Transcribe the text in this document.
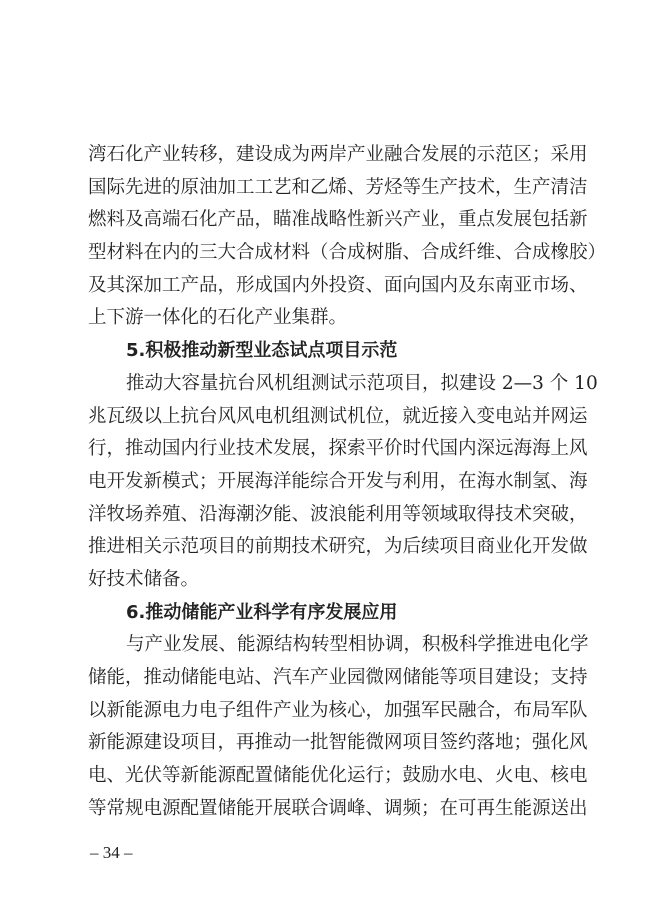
湾石化产业转移，建设成为两岸产业融合发展的示范区；采用
国际先进的原油加工工艺和乙烯、芳烃等生产技术，生产清洁
燃料及高端石化产品，瞄准战略性新兴产业，重点发展包括新
型材料在内的三大合成材料（合成树脂、合成纤维、合成橡胶）
及其深加工产品，形成国内外投资、面向国内及东南亚市场、
上下游一体化的石化产业集群。
5.积极推动新型业态试点项目示范
推动大容量抗台风机组测试示范项目，拟建设 2—3 个 10
兆瓦级以上抗台风风电机组测试机位，就近接入变电站并网运
行，推动国内行业技术发展，探索平价时代国内深远海海上风
电开发新模式；开展海洋能综合开发与利用，在海水制氢、海
洋牧场养殖、沿海潮汐能、波浪能利用等领域取得技术突破，
推进相关示范项目的前期技术研究，为后续项目商业化开发做
好技术储备。
6.推动储能产业科学有序发展应用
与产业发展、能源结构转型相协调，积极科学推进电化学
储能，推动储能电站、汽车产业园微网储能等项目建设；支持
以新能源电力电子组件产业为核心，加强军民融合，布局军队
新能源建设项目，再推动一批智能微网项目签约落地；强化风
电、光伏等新能源配置储能优化运行；鼓励水电、火电、核电
等常规电源配置储能开展联合调峰、调频；在可再生能源送出
– 34 –
